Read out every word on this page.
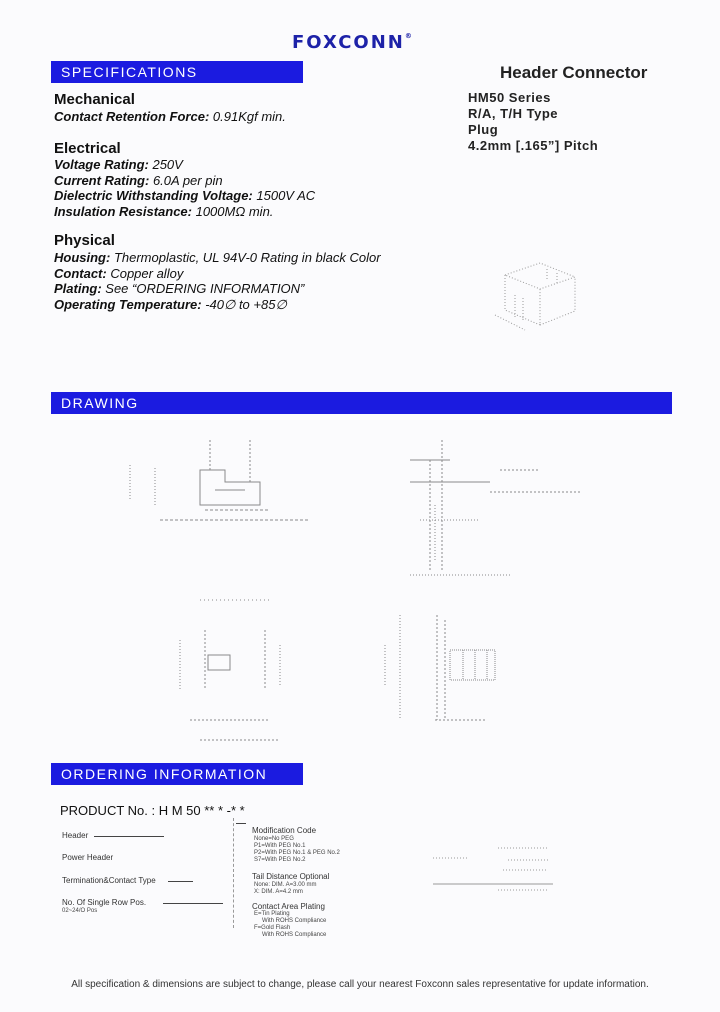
FOXCONN®
SPECIFICATIONS	Header Connector
HM50 Series
R/A, T/H Type
Plug
4.2mm [.165”] Pitch
Mechanical
Contact Retention Force: 0.91Kgf min.
Electrical
Voltage Rating: 250V
Current Rating: 6.0A per pin
Dielectric Withstanding Voltage: 1500V AC
Insulation Resistance: 1000MΩ min.
Physical
Housing: Thermoplastic, UL 94V-0 Rating in black Color
Contact: Copper alloy
Plating: See “ORDERING INFORMATION”
Operating Temperature: -40∅ to +85∅
DRAWING
ORDERING INFORMATION
PRODUCT No. : H M 50 ** * -* *
Header
Power Header
Termination&Contact Type
No. Of Single Row Pos.
02~24/O Pos
Modification Code
None=No PEG
P1=With PEG No.1
P2=With PEG No.1 & PEG No.2
S7=With PEG No.2
Tail Distance Optional
None: DIM. A=3.00 mm
X: DIM. A=4.2 mm
Contact Area Plating
E=Tin Plating
With ROHS Compliance
F=Gold Flash
With ROHS Compliance
All specification & dimensions are subject to change, please call your nearest Foxconn sales representative for update information.
